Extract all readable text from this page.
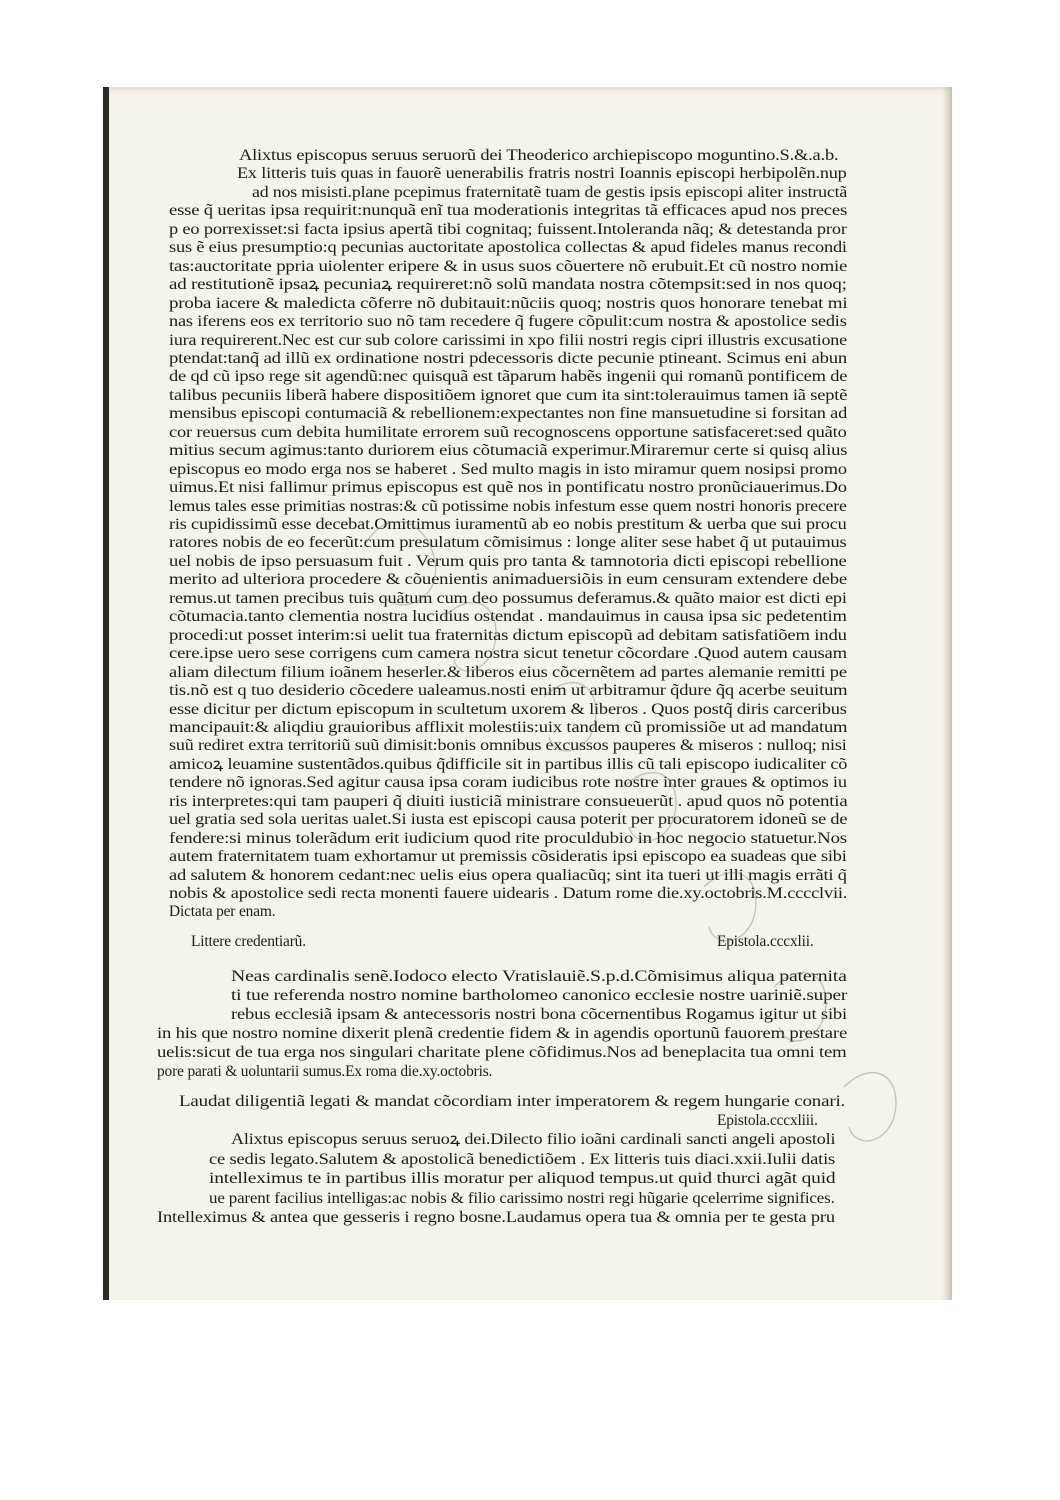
Alixtus episcopus seruus seruorũ dei Theoderico archiepiscopo moguntino.S.&.a.b.
Ex litteris tuis quas in fauorẽ uenerabilis fratris nostri Ioannis episcopi herbipolẽn.nup
ad nos misisti.plane pcepimus fraternitatẽ tuam de gestis ipsis episcopi aliter instructã
esse q̃ ueritas ipsa requirit:nunquã enĩ tua moderationis integritas tã efficaces apud nos preces
p eo porrexisset:si facta ipsius apertã tibi cognitaq; fuissent.Intoleranda nãq; & detestanda pror
sus ẽ eius presumptio:q pecunias auctoritate apostolica collectas & apud fideles manus recondi
tas:auctoritate ppria uiolenter eripere & in usus suos cõuertere nõ erubuit.Et cũ nostro nomie
ad restitutionẽ ipsaꝝ pecuniaꝝ requireret:nõ solũ mandata nostra cõtempsit:sed in nos quoq;
proba iacere & maledicta cõferre nõ dubitauit:nũciis quoq; nostris quos honorare tenebat mi
nas iferens eos ex territorio suo nõ tam recedere q̃ fugere cõpulit:cum nostra & apostolice sedis
iura requirerent.Nec est cur sub colore carissimi in xpo filii nostri regis cipri illustris excusatione
ptendat:tanq̃ ad illũ ex ordinatione nostri pdecessoris dicte pecunie ptineant. Scimus eni abun
de qd cũ ipso rege sit agendũ:nec quisquã est tãparum habẽs ingenii qui romanũ pontificem de
talibus pecuniis liberã habere dispositiõem ignoret que cum ita sint:tolerauimus tamen iã septẽ
mensibus episcopi contumaciã & rebellionem:expectantes non fine mansuetudine si forsitan ad
cor reuersus cum debita humilitate errorem suũ recognoscens opportune satisfaceret:sed quãto
mitius secum agimus:tanto duriorem eius cõtumaciã experimur.Miraremur certe si quisq alius
episcopus eo modo erga nos se haberet . Sed multo magis in isto miramur quem nosipsi promo
uimus.Et nisi fallimur primus episcopus est quẽ nos in pontificatu nostro pronũciauerimus.Do
lemus tales esse primitias nostras:& cũ potissime nobis infestum esse quem nostri honoris precere
ris cupidissimũ esse decebat.Omittimus iuramentũ ab eo nobis prestitum & uerba que sui procu
ratores nobis de eo fecerũt:cum presulatum cõmisimus : longe aliter sese habet q̃ ut putauimus
uel nobis de ipso persuasum fuit . Verum quis pro tanta & tamnotoria dicti episcopi rebellione
merito ad ulteriora procedere & cõuenientis animaduersiõis in eum censuram extendere debe
remus.ut tamen precibus tuis quãtum cum deo possumus deferamus.& quãto maior est dicti epi
cõtumacia.tanto clementia nostra lucidius ostendat . mandauimus in causa ipsa sic pedetentim
procedi:ut posset interim:si uelit tua fraternitas dictum episcopũ ad debitam satisfatiõem indu
cere.ipse uero sese corrigens cum camera nostra sicut tenetur cõcordare .Quod autem causam
aliam dilectum filium ioãnem heserler.& liberos eius cõcernẽtem ad partes alemanie remitti pe
tis.nõ est q tuo desiderio cõcedere ualeamus.nosti enim ut arbitramur q̃dure q̃q acerbe seuitum
esse dicitur per dictum episcopum in scultetum uxorem & liberos . Quos postq̃ diris carceribus
mancipauit:& aliqdiu grauioribus afflixit molestiis:uix tandem cũ promissiõe ut ad mandatum
suũ rediret extra territoriũ suũ dimisit:bonis omnibus excussos pauperes & miseros : nulloq; nisi
amicoꝝ leuamine sustentãdos.quibus q̃difficile sit in partibus illis cũ tali episcopo iudicaliter cõ
tendere nõ ignoras.Sed agitur causa ipsa coram iudicibus rote nostre inter graues & optimos iu
ris interpretes:qui tam pauperi q̃ diuiti iusticiã ministrare consueuerũt . apud quos nõ potentia
uel gratia sed sola ueritas ualet.Si iusta est episcopi causa poterit per procuratorem idoneũ se de
fendere:si minus tolerãdum erit iudicium quod rite proculdubio in hoc negocio statuetur.Nos
autem fraternitatem tuam exhortamur ut premissis cõsideratis ipsi episcopo ea suadeas que sibi
ad salutem & honorem cedant:nec uelis eius opera qualiacũq; sint ita tueri ut illi magis errãti q̃
nobis & apostolice sedi recta monenti fauere uidearis . Datum rome die.xy.octobris.M.cccclvii.
Dictata per enam.
Littere credentiarũ.	Epistola.cccxlii.
Neas cardinalis senẽ.Iodoco electo Vratislauiẽ.S.p.d.Cõmisimus aliqua paternita
ti tue referenda nostro nomine bartholomeo canonico ecclesie nostre uariniẽ.super
rebus ecclesiã ipsam & antecessoris nostri bona cõcernentibus Rogamus igitur ut sibi
in his que nostro nomine dixerit plenã credentie fidem & in agendis oportunũ fauorem prestare
uelis:sicut de tua erga nos singulari charitate plene cõfidimus.Nos ad beneplacita tua omni tem
pore parati & uoluntarii sumus.Ex roma die.xy.octobris.
Laudat diligentiã legati & mandat cõcordiam inter imperatorem & regem hungarie conari.
Epistola.cccxliii.
Alixtus episcopus seruus seruoꝝ dei.Dilecto filio ioãni cardinali sancti angeli apostoli
ce sedis legato.Salutem & apostolicã benedictiõem . Ex litteris tuis diaci.xxii.Iulii datis
intelleximus te in partibus illis moratur per aliquod tempus.ut quid thurci agãt quid
ue parent facilius intelligas:ac nobis & filio carissimo nostri regi hũgarie qcelerrime significes.
Intelleximus & antea que gesseris i regno bosne.Laudamus opera tua & omnia per te gesta pru
